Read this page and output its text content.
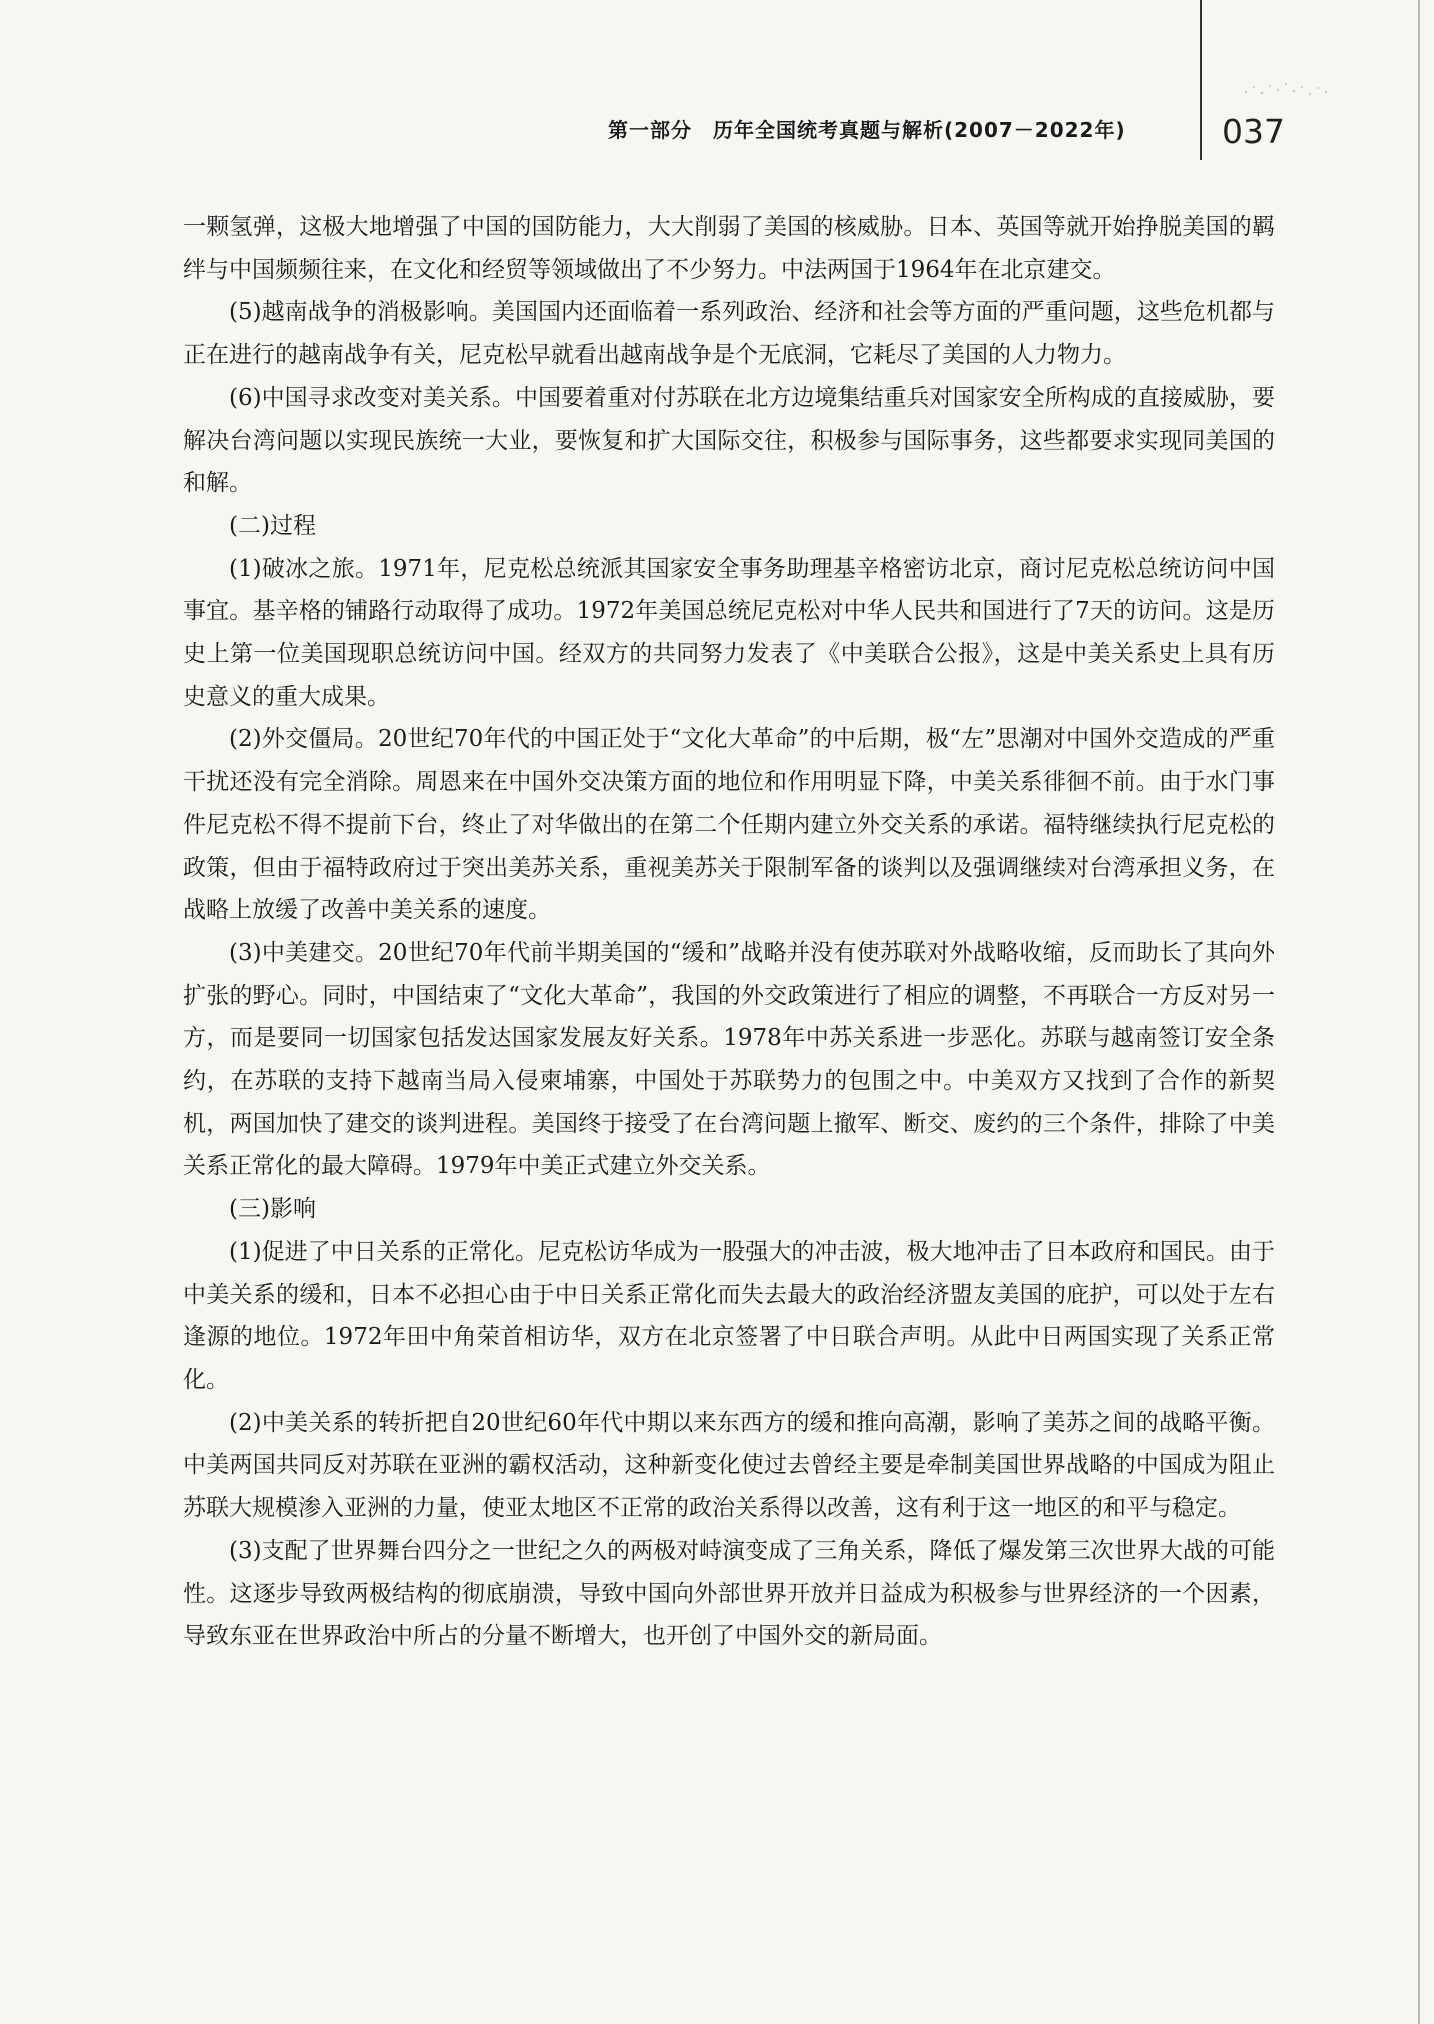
第一部分　历年全国统考真题与解析(2007－2022年)	037

一颗氢弹，这极大地增强了中国的国防能力，大大削弱了美国的核威胁。日本、英国等就开始挣脱美国的羁绊与中国频频往来，在文化和经贸等领域做出了不少努力。中法两国于1964年在北京建交。

(5)越南战争的消极影响。美国国内还面临着一系列政治、经济和社会等方面的严重问题，这些危机都与正在进行的越南战争有关，尼克松早就看出越南战争是个无底洞，它耗尽了美国的人力物力。

(6)中国寻求改变对美关系。中国要着重对付苏联在北方边境集结重兵对国家安全所构成的直接威胁，要解决台湾问题以实现民族统一大业，要恢复和扩大国际交往，积极参与国际事务，这些都要求实现同美国的和解。

(二)过程

(1)破冰之旅。1971年，尼克松总统派其国家安全事务助理基辛格密访北京，商讨尼克松总统访问中国事宜。基辛格的铺路行动取得了成功。1972年美国总统尼克松对中华人民共和国进行了7天的访问。这是历史上第一位美国现职总统访问中国。经双方的共同努力发表了《中美联合公报》，这是中美关系史上具有历史意义的重大成果。

(2)外交僵局。20世纪70年代的中国正处于“文化大革命”的中后期，极“左”思潮对中国外交造成的严重干扰还没有完全消除。周恩来在中国外交决策方面的地位和作用明显下降，中美关系徘徊不前。由于水门事件尼克松不得不提前下台，终止了对华做出的在第二个任期内建立外交关系的承诺。福特继续执行尼克松的政策，但由于福特政府过于突出美苏关系，重视美苏关于限制军备的谈判以及强调继续对台湾承担义务，在战略上放缓了改善中美关系的速度。

(3)中美建交。20世纪70年代前半期美国的“缓和”战略并没有使苏联对外战略收缩，反而助长了其向外扩张的野心。同时，中国结束了“文化大革命”，我国的外交政策进行了相应的调整，不再联合一方反对另一方，而是要同一切国家包括发达国家发展友好关系。1978年中苏关系进一步恶化。苏联与越南签订安全条约，在苏联的支持下越南当局入侵柬埔寨，中国处于苏联势力的包围之中。中美双方又找到了合作的新契机，两国加快了建交的谈判进程。美国终于接受了在台湾问题上撤军、断交、废约的三个条件，排除了中美关系正常化的最大障碍。1979年中美正式建立外交关系。

(三)影响

(1)促进了中日关系的正常化。尼克松访华成为一股强大的冲击波，极大地冲击了日本政府和国民。由于中美关系的缓和，日本不必担心由于中日关系正常化而失去最大的政治经济盟友美国的庇护，可以处于左右逢源的地位。1972年田中角荣首相访华，双方在北京签署了中日联合声明。从此中日两国实现了关系正常化。

(2)中美关系的转折把自20世纪60年代中期以来东西方的缓和推向高潮，影响了美苏之间的战略平衡。中美两国共同反对苏联在亚洲的霸权活动，这种新变化使过去曾经主要是牵制美国世界战略的中国成为阻止苏联大规模渗入亚洲的力量，使亚太地区不正常的政治关系得以改善，这有利于这一地区的和平与稳定。

(3)支配了世界舞台四分之一世纪之久的两极对峙演变成了三角关系，降低了爆发第三次世界大战的可能性。这逐步导致两极结构的彻底崩溃，导致中国向外部世界开放并日益成为积极参与世界经济的一个因素，导致东亚在世界政治中所占的分量不断增大，也开创了中国外交的新局面。
